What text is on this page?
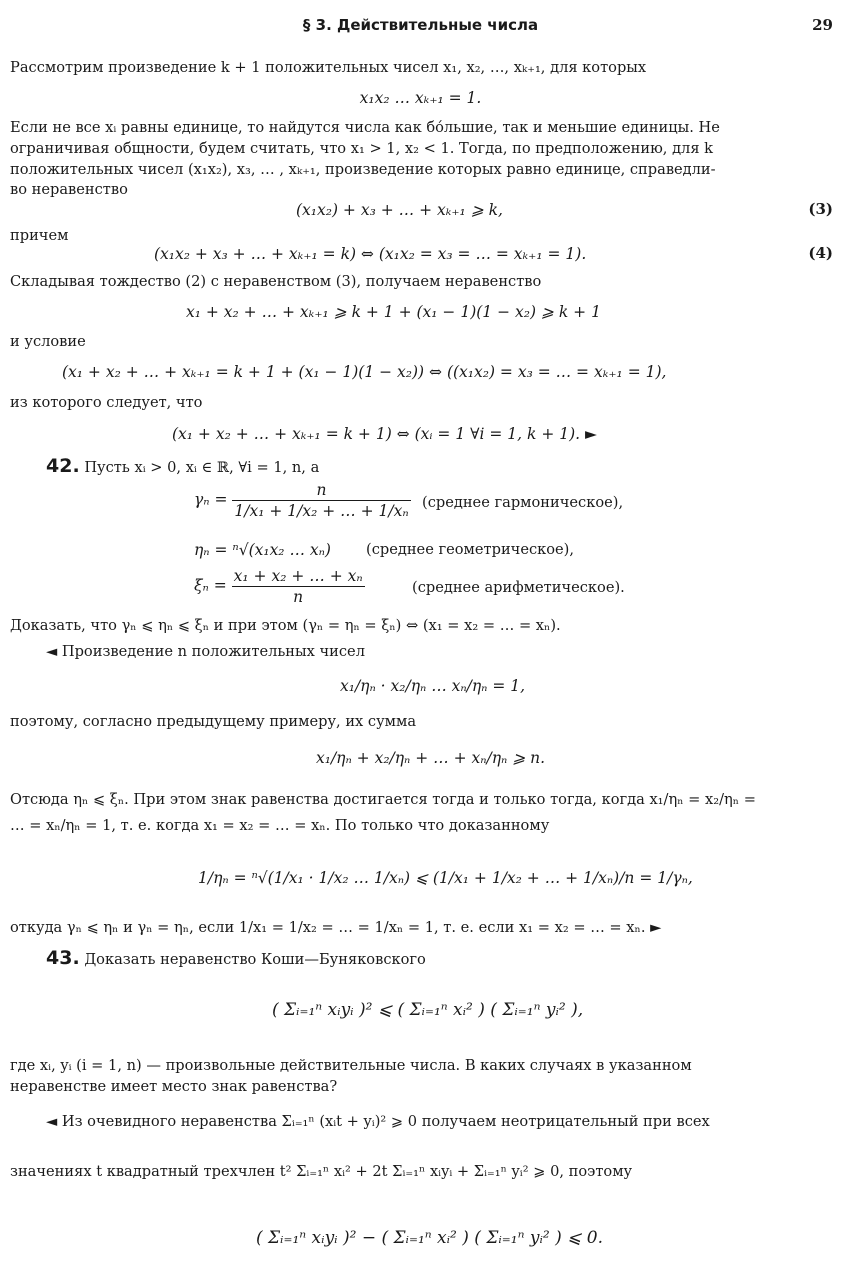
§ 3. Действительные числа	29
Рассмотрим произведение k + 1 положительных чисел x₁, x₂, …, xₖ₊₁, для которых
x₁x₂ … xₖ₊₁ = 1.
Если не все xᵢ равны единице, то найдутся числа как бо́льшие, так и меньшие единицы. Не
ограничивая общности, будем считать, что x₁ > 1, x₂ < 1. Тогда, по предположению, для k
положительных чисел (x₁x₂), x₃, … , xₖ₊₁, произведение которых равно единице, справедли-
во неравенство
(x₁x₂) + x₃ + … + xₖ₊₁ ⩾ k,	(3)
причем
(x₁x₂ + x₃ + … + xₖ₊₁ = k) ⇔ (x₁x₂ = x₃ = … = xₖ₊₁ = 1).	(4)
Складывая тождество (2) с неравенством (3), получаем неравенство
x₁ + x₂ + … + xₖ₊₁ ⩾ k + 1 + (x₁ − 1)(1 − x₂) ⩾ k + 1
и условие
(x₁ + x₂ + … + xₖ₊₁ = k + 1 + (x₁ − 1)(1 − x₂)) ⇔ ((x₁x₂) = x₃ = … = xₖ₊₁ = 1),
из которого следует, что
(x₁ + x₂ + … + xₖ₊₁ = k + 1) ⇔ (xᵢ = 1 ∀i = 1, k + 1). ►
42. Пусть xᵢ > 0, xᵢ ∈ ℝ, ∀i = 1, n, а
$\gamma_n = \frac{n}{\text{1/x₁ + 1/x₂ + … + 1/xₙ}}$ (среднее гармоническое),
ηₙ = ⁿ√(x₁x₂ … xₙ) (среднее геометрическое),
$\xi_n = \frac{\text{x₁ + x₂ + … + xₙ}}{n}$	(среднее арифметическое).
Доказать, что γₙ ⩽ ηₙ ⩽ ξₙ и при этом (γₙ = ηₙ = ξₙ) ⇔ (x₁ = x₂ = … = xₙ).
◄ Произведение n положительных чисел
x₁/ηₙ · x₂/ηₙ … xₙ/ηₙ = 1,
поэтому, согласно предыдущему примеру, их сумма
x₁/ηₙ + x₂/ηₙ + … + xₙ/ηₙ ⩾ n.
Отсюда ηₙ ⩽ ξₙ. При этом знак равенства достигается тогда и только тогда, когда x₁/ηₙ = x₂/ηₙ =
… = xₙ/ηₙ = 1, т. е. когда x₁ = x₂ = … = xₙ. По только что доказанному
1/ηₙ = ⁿ√(1/x₁ · 1/x₂ … 1/xₙ) ⩽ (1/x₁ + 1/x₂ + … + 1/xₙ)/n = 1/γₙ,
откуда γₙ ⩽ ηₙ и γₙ = ηₙ, если 1/x₁ = 1/x₂ = … = 1/xₙ = 1, т. е. если x₁ = x₂ = … = xₙ. ►
43. Доказать неравенство Коши—Буняковского
( Σᵢ₌₁ⁿ xᵢyᵢ )² ⩽ ( Σᵢ₌₁ⁿ xᵢ² ) ( Σᵢ₌₁ⁿ yᵢ² ),
где xᵢ, yᵢ (i = 1, n) — произвольные действительные числа. В каких случаях в указанном
неравенстве имеет место знак равенства?
◄ Из очевидного неравенства Σᵢ₌₁ⁿ (xᵢt + yᵢ)² ⩾ 0 получаем неотрицательный при всех
значениях t квадратный трехчлен t² Σᵢ₌₁ⁿ xᵢ² + 2t Σᵢ₌₁ⁿ xᵢyᵢ + Σᵢ₌₁ⁿ yᵢ² ⩾ 0, поэтому
( Σᵢ₌₁ⁿ xᵢyᵢ )² − ( Σᵢ₌₁ⁿ xᵢ² ) ( Σᵢ₌₁ⁿ yᵢ² ) ⩽ 0.
